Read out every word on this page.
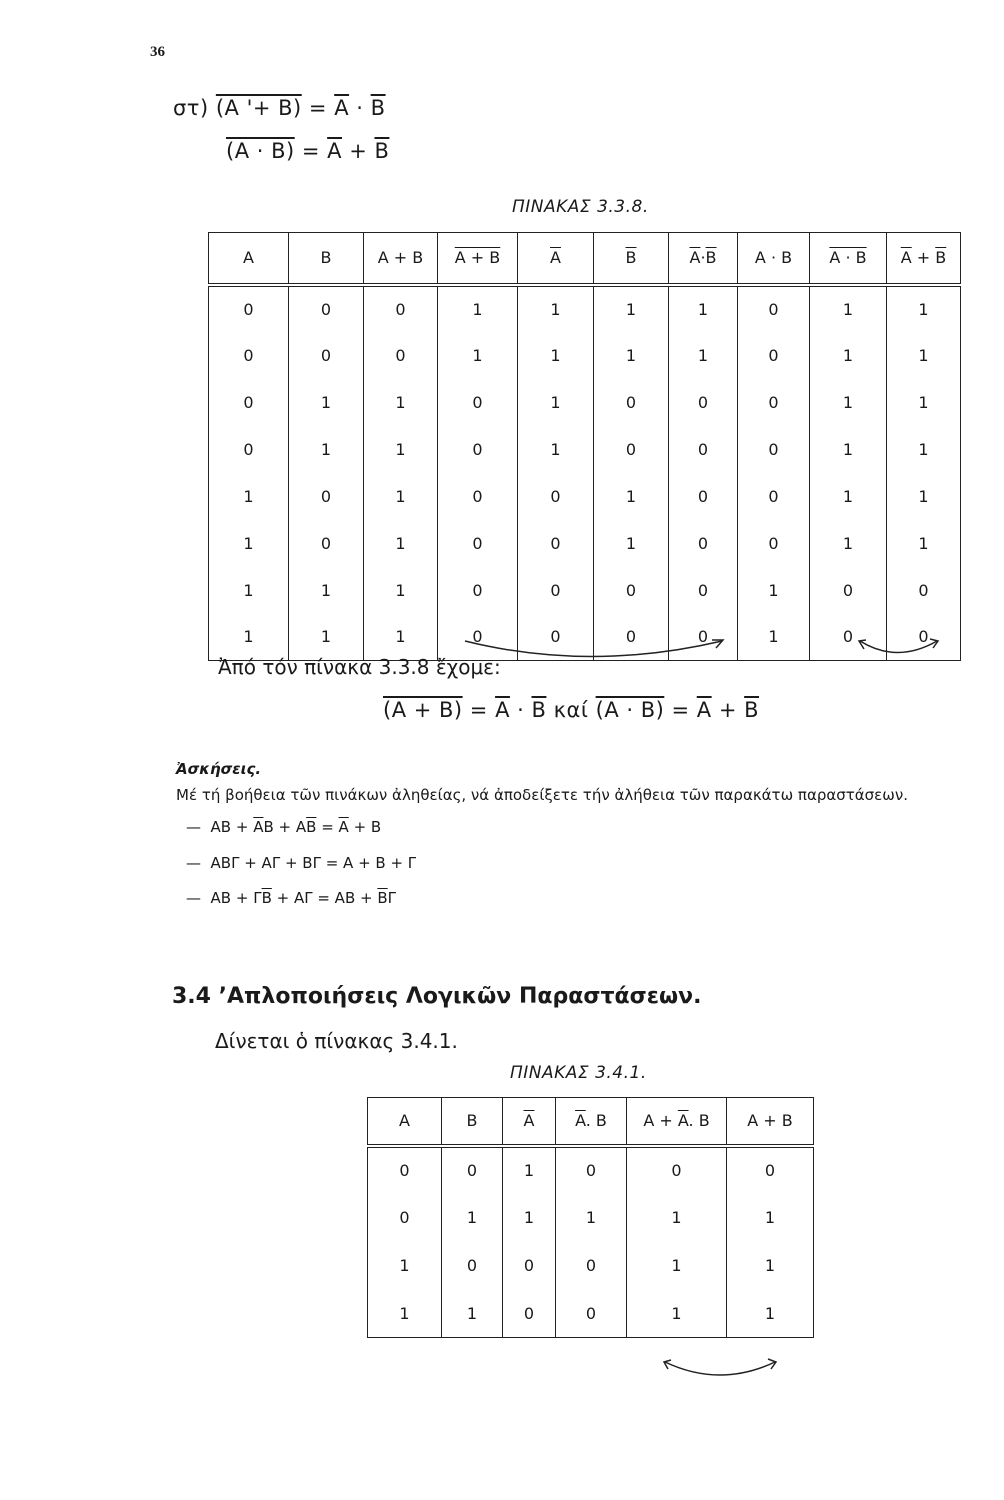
36
στ) (A '+ $B) = \overline{A} \cdot \overline{B}$
$(A \cdot B) = \overline{A} + \overline{B}$
ΠΙΝΑΚΑΣ 3.3.8.
A	B	A + B	A + B	$\overline{A}$	$\overline{B}$	$\overline{A}\cdot\overline{B}$	A · B	A · B	$\overline{A} + \overline{B}$
0	0	0	1	1	1	1	0	1	1
0	0	0	1	1	1	1	0	1	1
0	1	1	0	1	0	0	0	1	1
0	1	1	0	1	0	0	0	1	1
1	0	1	0	0	1	0	0	1	1
1	0	1	0	0	1	0	0	1	1
1	1	1	0	0	0	0	1	0	0
1	1	1	0	0	0	0	1	0	0
Ἀπό τόν πίνακα 3.3.8 ἔχομε:
$(A + B) = \overline{A} \cdot \overline{B}$ καί $(A \cdot B) = \overline{A} + \overline{B}$
Ἀσκήσεις.
Μέ τή βοήθεια τῶν πινάκων ἀληθείας, νά ἀποδείξετε τήν ἀλήθεια τῶν παρακάτω παραστάσεων.
— AB + $\overline{A}B + A\overline{B} = \overline{A} + B$
— ABΓ + AΓ + BΓ = A + B + Γ
— AB + $\Gamma\overline{B} + A\Gamma$ = AB + $\overline{B}\Gamma$
3.4 ʼΑπλοποιήσεις Λογικῶν Παραστάσεων.
Δίνεται ὁ πίνακας 3.4.1.
ΠΙΝΑΚΑΣ 3.4.1.
A	B	$\overline{A}$	$\overline{A}$. B	$A + \overline{A}$. B	A + B
0	0	1	0	0	0
0	1	1	1	1	1
1	0	0	0	1	1
1	1	0	0	1	1
